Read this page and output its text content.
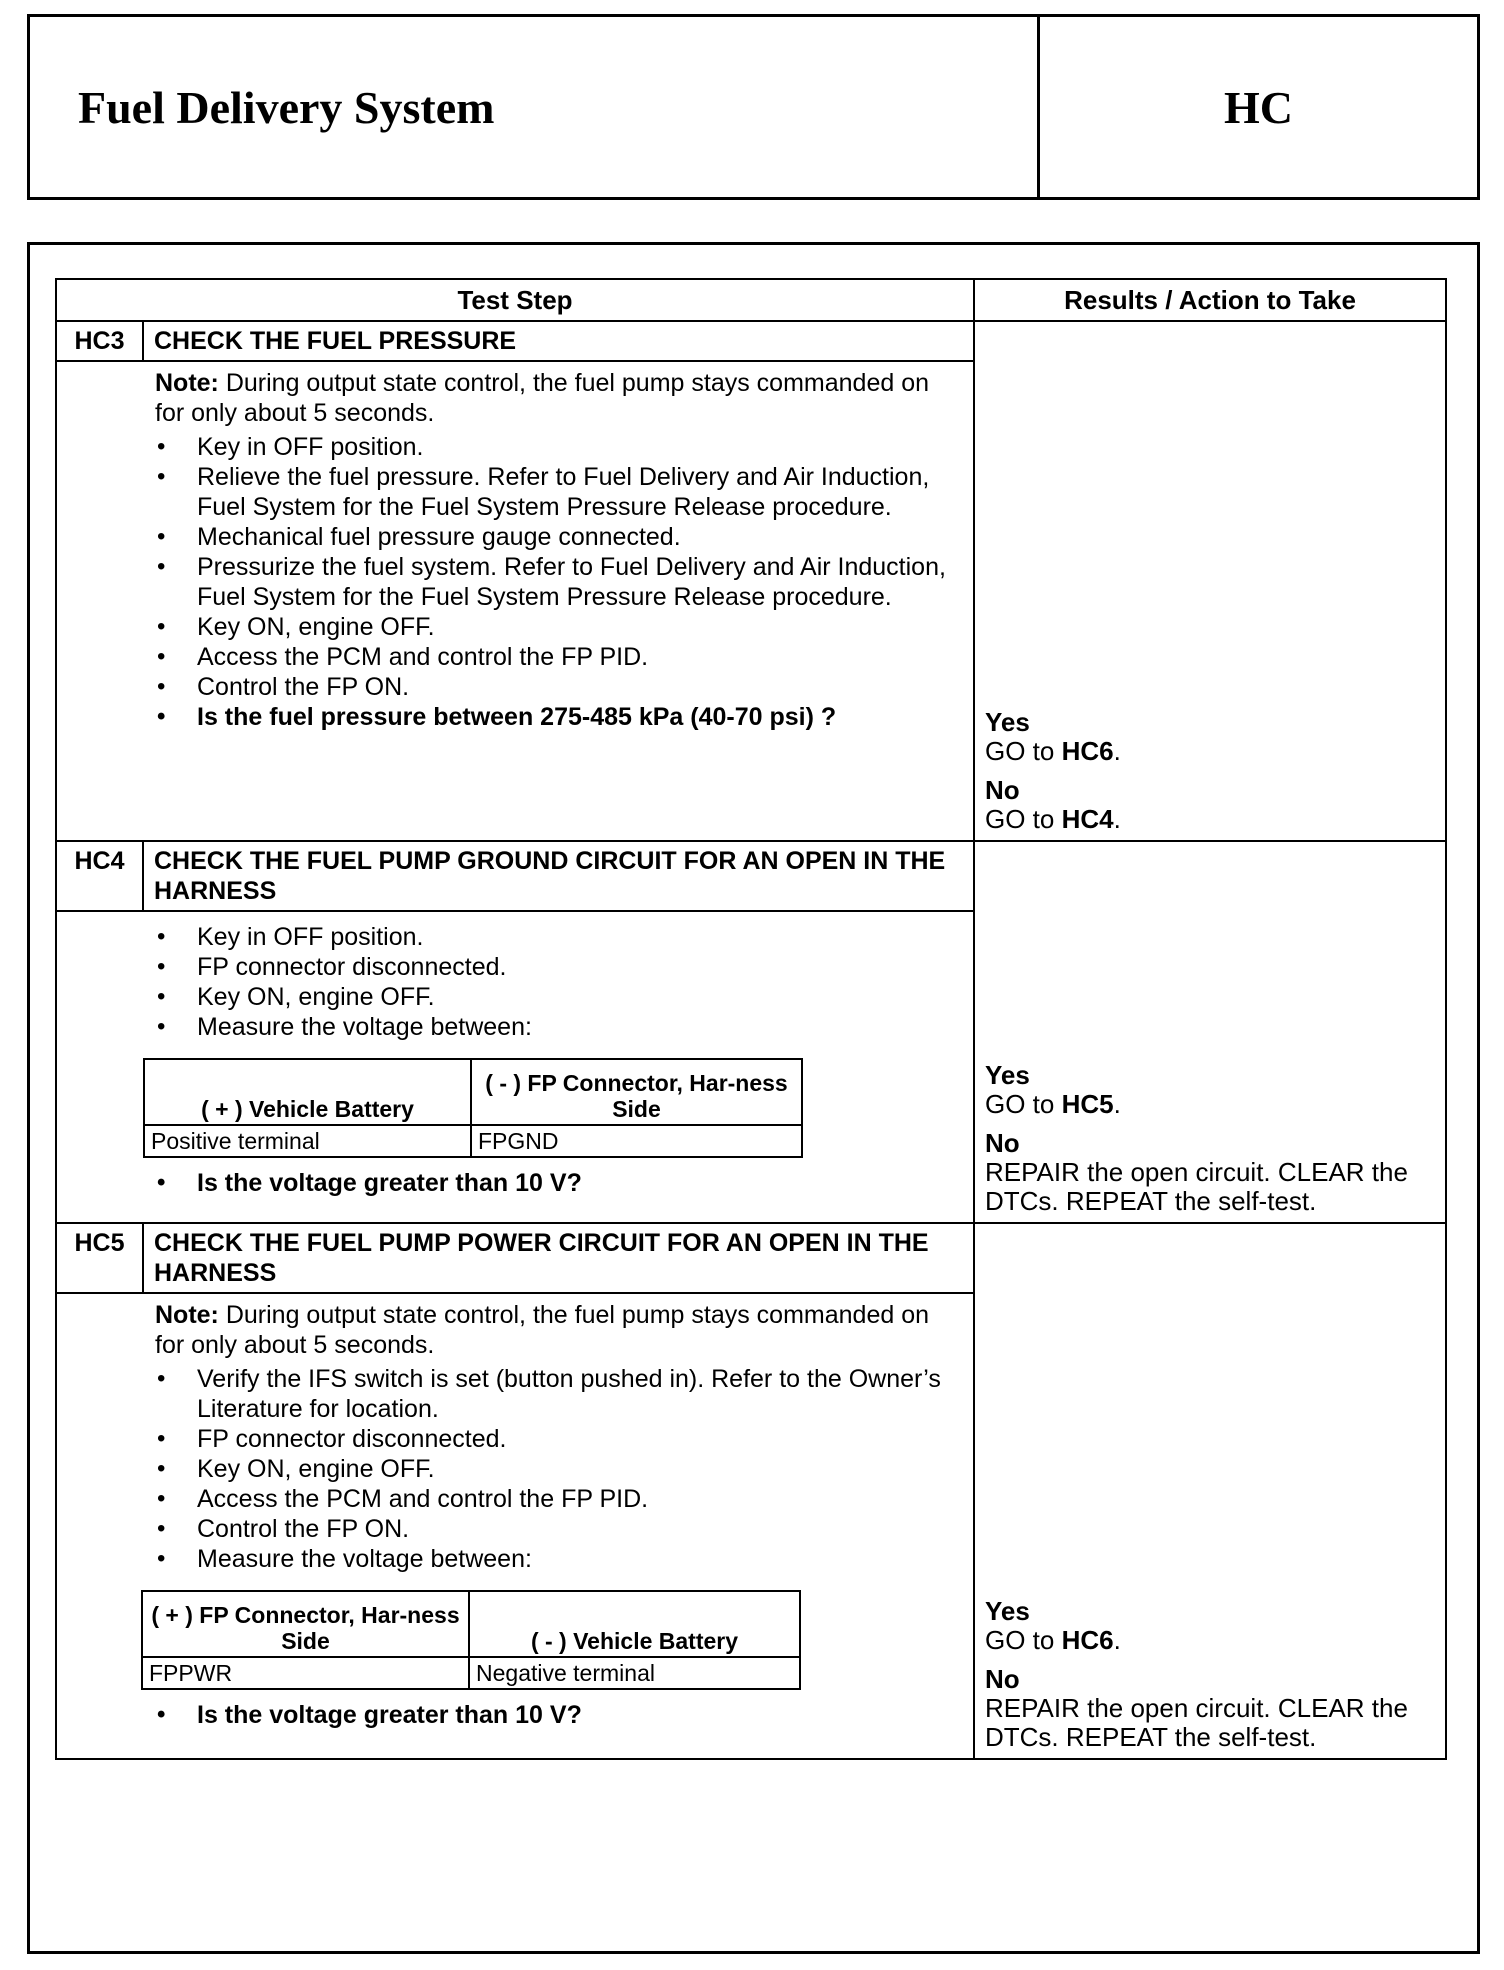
Fuel Delivery System	HC
Test Step	Results / Action to Take

HC3	CHECK THE FUEL PRESSURE

Note: During output state control, the fuel pump stays commanded on for only about 5 seconds.
• Key in OFF position.
• Relieve the fuel pressure. Refer to Fuel Delivery and Air Induction, Fuel System for the Fuel System Pressure Release procedure.
• Mechanical fuel pressure gauge connected.
• Pressurize the fuel system. Refer to Fuel Delivery and Air Induction, Fuel System for the Fuel System Pressure Release procedure.
• Key ON, engine OFF.
• Access the PCM and control the FP PID.
• Control the FP ON.
• Is the fuel pressure between 275-485 kPa (40-70 psi) ?
		Yes
GO to HC6.
No
GO to HC4.

HC4	CHECK THE FUEL PUMP GROUND CIRCUIT FOR AN OPEN IN THE HARNESS

• Key in OFF position.
• FP connector disconnected.
• Key ON, engine OFF.
• Measure the voltage between:
( + ) Vehicle Battery	( - ) FP Connector, Har-ness Side
Positive terminal	FPGND
• Is the voltage greater than 10 V?

Yes
GO to HC5.
No
REPAIR the open circuit. CLEAR the DTCs. REPEAT the self-test.

HC5	CHECK THE FUEL PUMP POWER CIRCUIT FOR AN OPEN IN THE HARNESS

Note: During output state control, the fuel pump stays commanded on for only about 5 seconds.
• Verify the IFS switch is set (button pushed in). Refer to the Owner’s Literature for location.
• FP connector disconnected.
• Key ON, engine OFF.
• Access the PCM and control the FP PID.
• Control the FP ON.
• Measure the voltage between:
( + ) FP Connector, Har-ness Side	( - ) Vehicle Battery
FPPWR	Negative terminal
• Is the voltage greater than 10 V?

Yes
GO to HC6.
No
REPAIR the open circuit. CLEAR the DTCs. REPEAT the self-test.
